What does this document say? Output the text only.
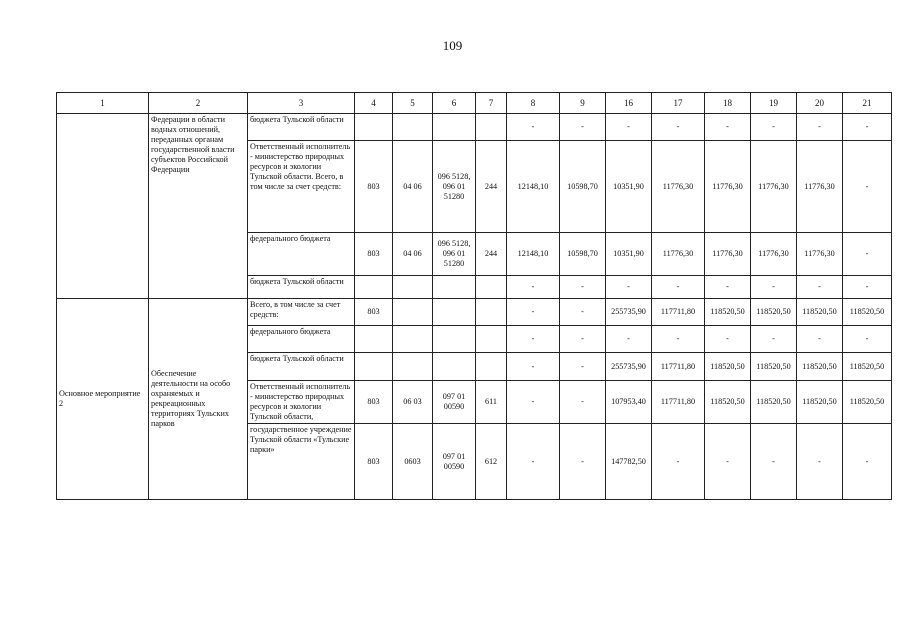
109
1	2	3	4	5	6	7	8	9	16	17	18	19	20	21
	Федерации в области водных отношений, переданных органам государственной власти субъектов Российской Федерации	бюджета Тульской области					-	-	-	-	-	-	-	-
		Ответственный исполнитель - министерство природных ресурсов и экологии Тульской области. Всего, в том числе за счет средств:	803	04 06	096 5128, 096 01 51280	244	12148,10	10598,70	10351,90	11776,30	11776,30	11776,30	11776,30	-
		федерального бюджета	803	04 06	096 5128, 096 01 51280	244	12148,10	10598,70	10351,90	11776,30	11776,30	11776,30	11776,30	-
		бюджета Тульской области					-	-	-	-	-	-	-	-
Основное мероприятие 2	Обеспечение деятельности на особо охраняемых и рекреационных территориях Тульских парков	Всего, в том числе за счет средств:	803				-	-	255735,90	117711,80	118520,50	118520,50	118520,50	118520,50
		федерального бюджета					-	-	-	-	-	-	-	-
		бюджета Тульской области					-	-	255735,90	117711,80	118520,50	118520,50	118520,50	118520,50
		Ответственный исполнитель - министерство природных ресурсов и экологии Тульской области,	803	06 03	097 01 00590	611	-	-	107953,40	117711,80	118520,50	118520,50	118520,50	118520,50
		государственное учреждение Тульской области «Тульские парки»	803	0603	097 01 00590	612	-	-	147782,50	-	-	-	-	-
